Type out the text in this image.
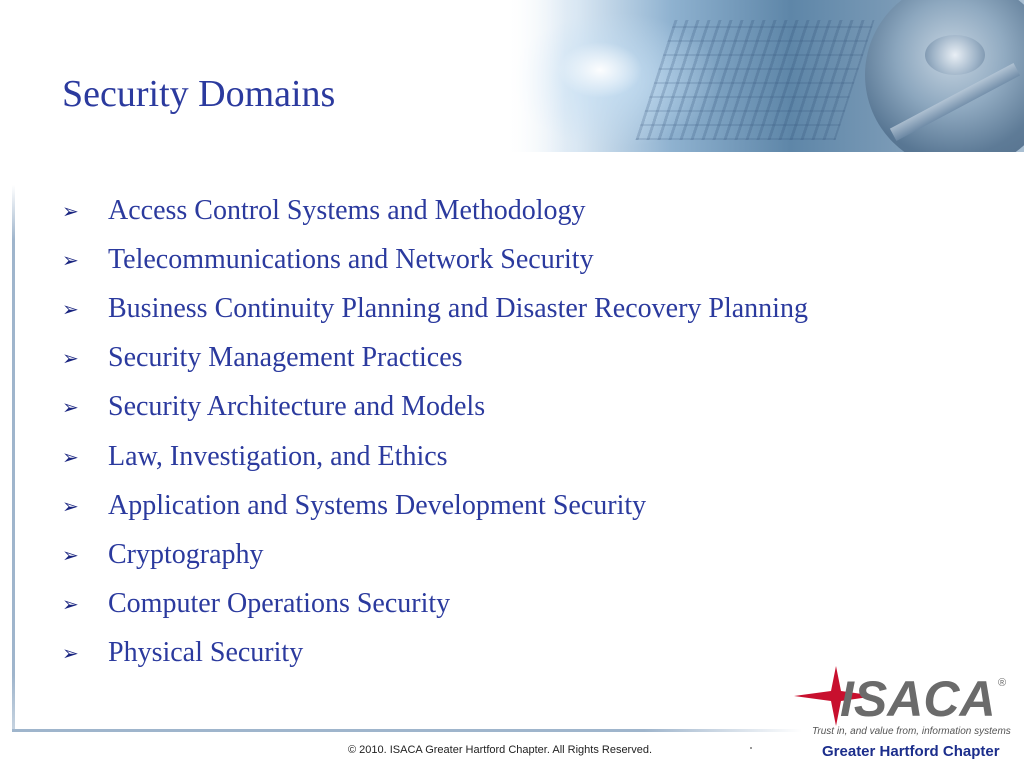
Security Domains
➢	Access Control Systems and Methodology
➢	Telecommunications and Network Security
➢	Business Continuity Planning and Disaster Recovery Planning
➢	Security Management Practices
➢	Security Architecture and Models
➢	Law, Investigation, and Ethics
➢	Application and Systems Development Security
➢	Cryptography
➢	Computer Operations Security
➢	Physical Security
© 2010. ISACA Greater Hartford Chapter. All Rights Reserved.
ISACA ®
Trust in, and value from, information systems
Greater Hartford Chapter
